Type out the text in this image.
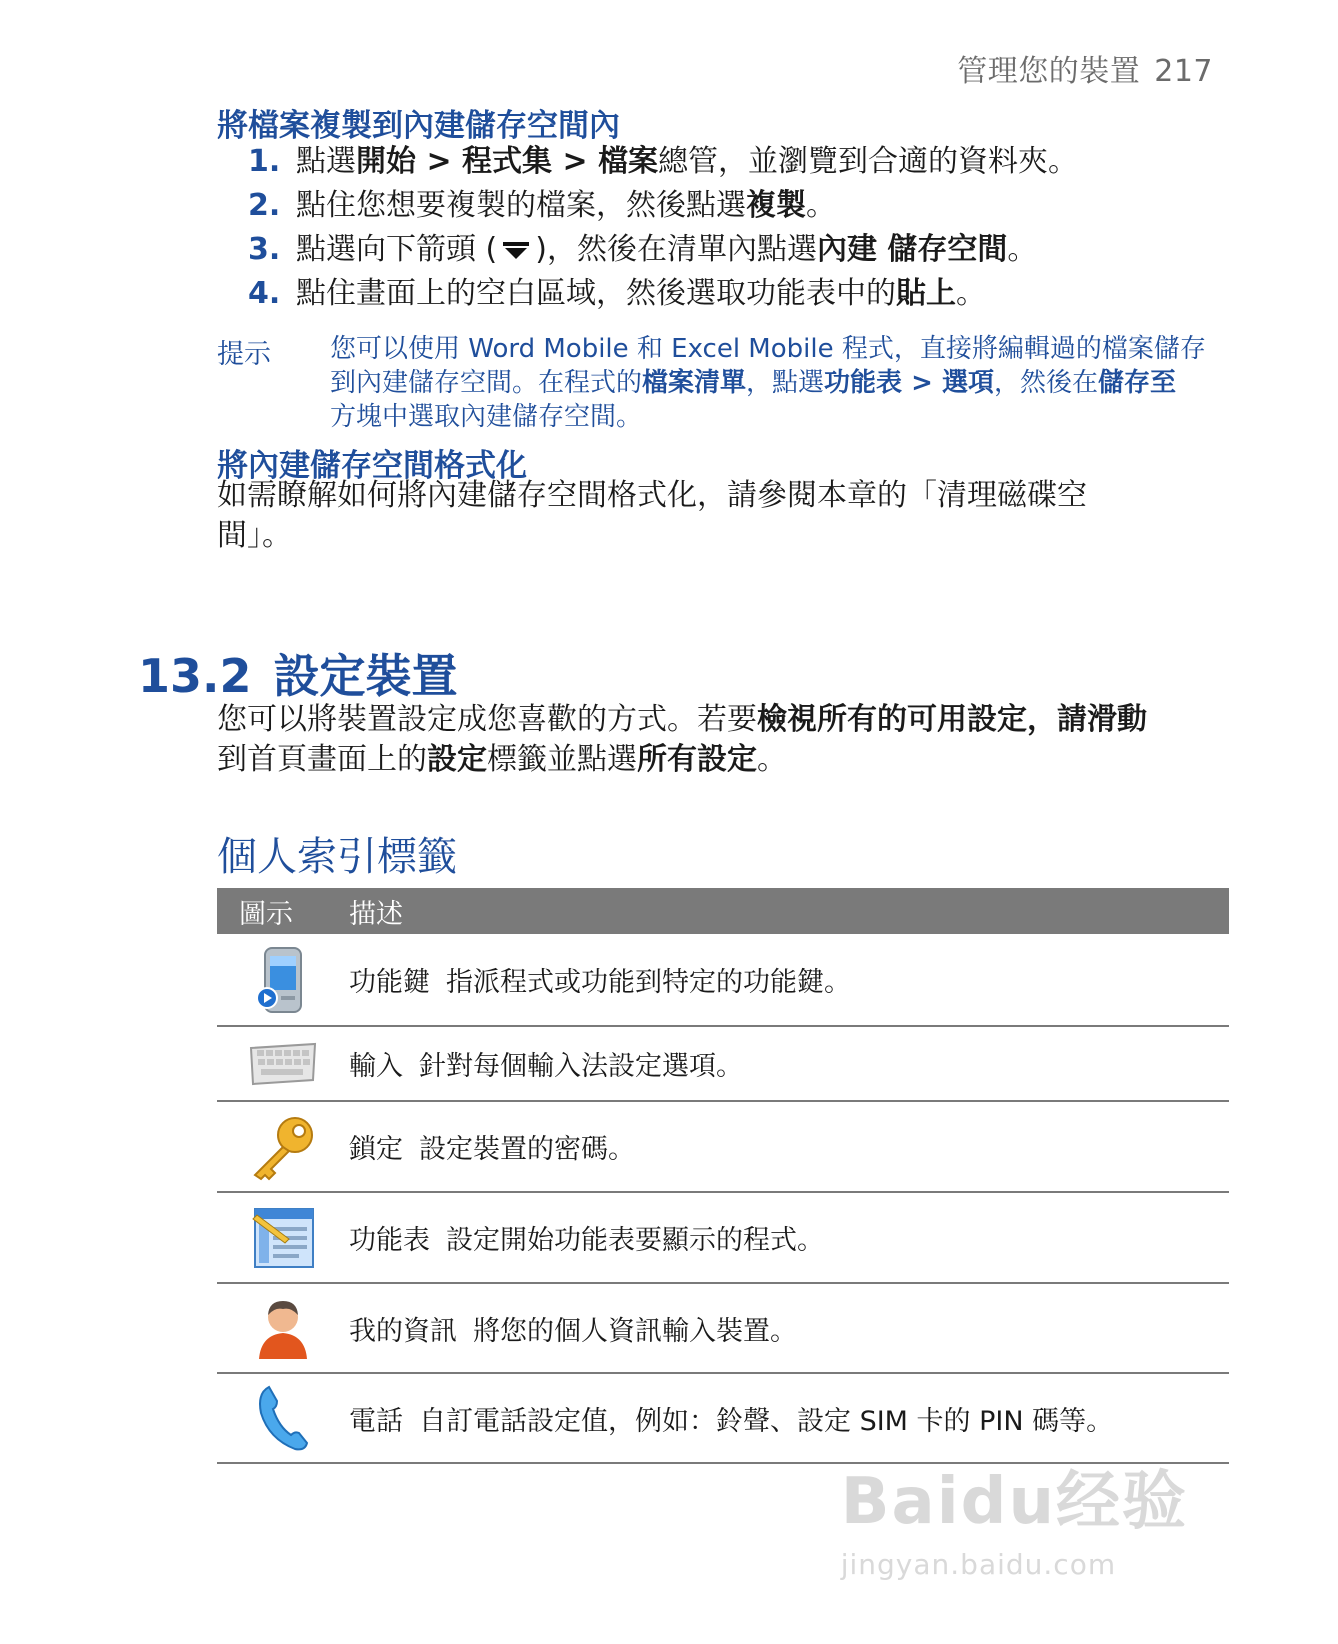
管理您的裝置 217
將檔案複製到內建儲存空間內
1. 點選開始 > 程式集 > 檔案總管，並瀏覽到合適的資料夾。
2. 點住您想要複製的檔案，然後點選複製。
3. 點選向下箭頭 ( )，然後在清單內點選內建 儲存空間。
4. 點住畫面上的空白區域，然後選取功能表中的貼上。
提示 您可以使用 Word Mobile 和 Excel Mobile 程式，直接將編輯過的檔案儲存
到內建儲存空間。在程式的檔案清單，點選功能表 > 選項，然後在儲存至
方塊中選取內建儲存空間。
將內建儲存空間格式化
如需瞭解如何將內建儲存空間格式化，請參閱本章的「清理磁碟空
間」。
13.2 設定裝置
您可以將裝置設定成您喜歡的方式。若要檢視所有的可用設定，請滑動
到首頁畫面上的設定標籤並點選所有設定。
個人索引標籤
圖示	描述
功能鍵 指派程式或功能到特定的功能鍵。
輸入 針對每個輸入法設定選項。
鎖定 設定裝置的密碼。
功能表 設定開始功能表要顯示的程式。
我的資訊 將您的個人資訊輸入裝置。
電話 自訂電話設定值，例如：鈴聲、設定 SIM 卡的 PIN 碼等。
Baidu经验
jingyan.baidu.com
